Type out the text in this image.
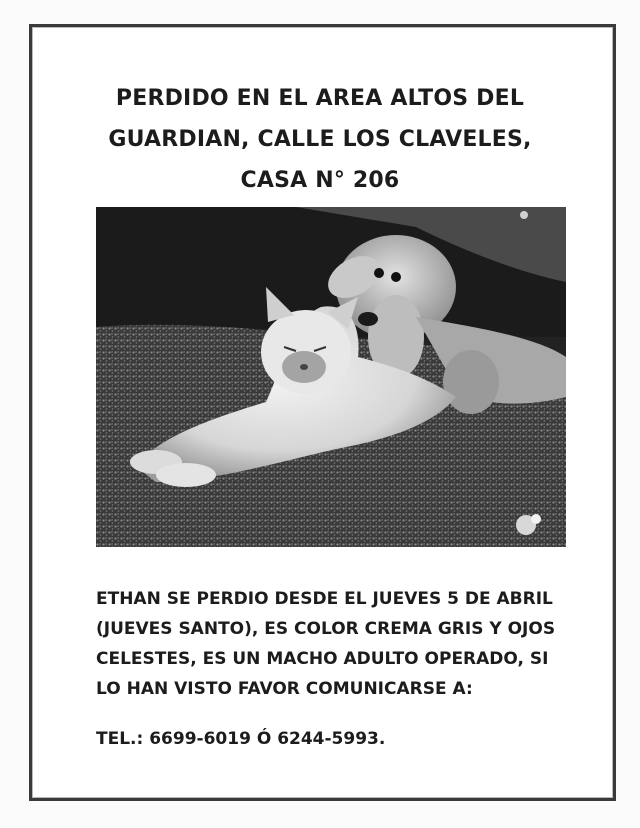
PERDIDO EN EL AREA ALTOS DEL
GUARDIAN, CALLE LOS CLAVELES,
CASA N° 206

ETHAN SE PERDIO DESDE EL JUEVES 5 DE ABRIL
(JUEVES SANTO), ES COLOR CREMA GRIS Y OJOS
CELESTES, ES UN MACHO ADULTO OPERADO, SI
LO HAN VISTO FAVOR COMUNICARSE A:

TEL.: 6699-6019 Ó 6244-5993.
